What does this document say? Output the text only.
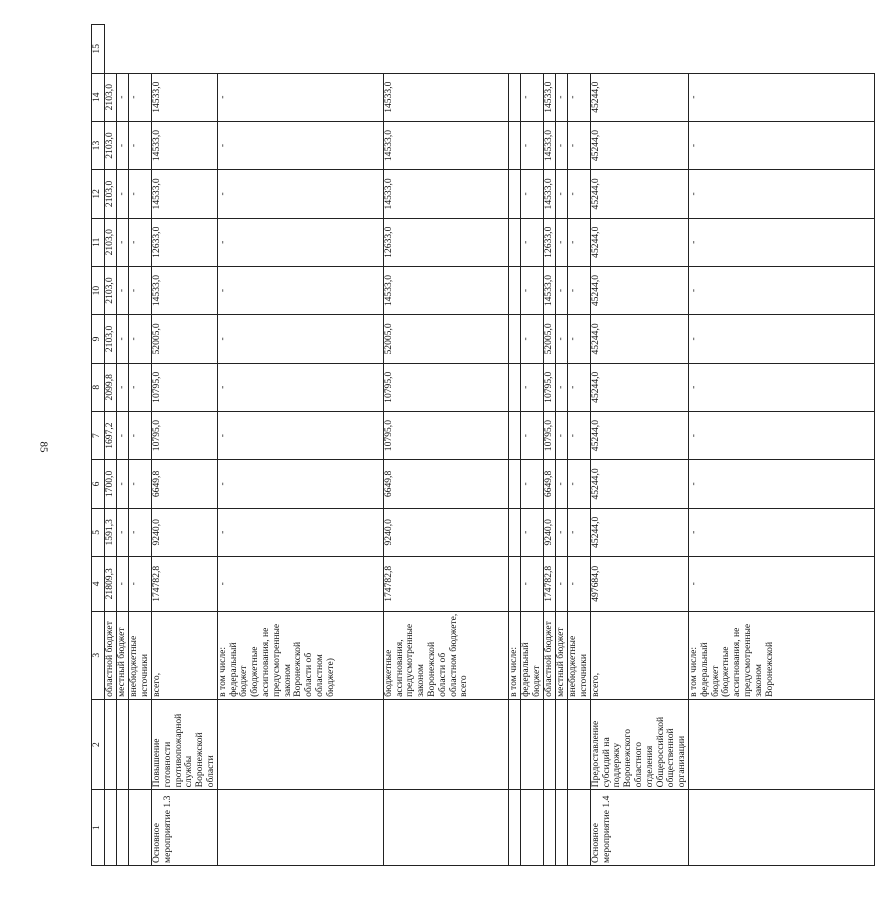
85
1	2	3	4	5	6	7	8	9	10	11	12	13	14	15
		областной бюджет	21809,3	1591,3	1700,0	1697,2	2099,8	2103,0	2103,0	2103,0	2103,0	2103,0	2103,0	
		местный бюджет	-	-	-	-	-	-	-	-	-	-	-	
		внебюджетные источники	-	-	-	-	-	-	-	-	-	-	-	
Основное мероприятие 1.3	Повышение готовности противопожарной службы Воронежской области	всего,	174782,8	9240,0	6649,8	10795,0	10795,0	52005,0	14533,0	12633,0	14533,0	14533,0	14533,0	
		в том числе: федеральный бюджет (бюджетные ассигнования, не предусмотренные законом Воронежской области об областном бюджете)	-	-	-	-	-	-	-	-	-	-	-	
		бюджетные ассигнования, предусмотренные законом Воронежской области об областном бюджете, всего	174782,8	9240,0	6649,8	10795,0	10795,0	52005,0	14533,0	12633,0	14533,0	14533,0	14533,0	
		в том числе:												
		федеральный бюджет	-	-	-	-	-	-	-	-	-	-	-	
		областной бюджет	174782,8	9240,0	6649,8	10795,0	10795,0	52005,0	14533,0	12633,0	14533,0	14533,0	14533,0	
		местный бюджет	-	-	-	-	-	-	-	-	-	-	-	
		внебюджетные источники	-	-	-	-	-	-	-	-	-	-	-	
Основное мероприятие 1.4	Предоставление субсидий на поддержку Воронежского областного отделения Общероссийской общественной организации	всего,	497684,0	45244,0	45244,0	45244,0	45244,0	45244,0	45244,0	45244,0	45244,0	45244,0	45244,0	
		в том числе: федеральный бюджет (бюджетные ассигнования, не предусмотренные законом Воронежской	-	-	-	-	-	-	-	-	-	-	-	
